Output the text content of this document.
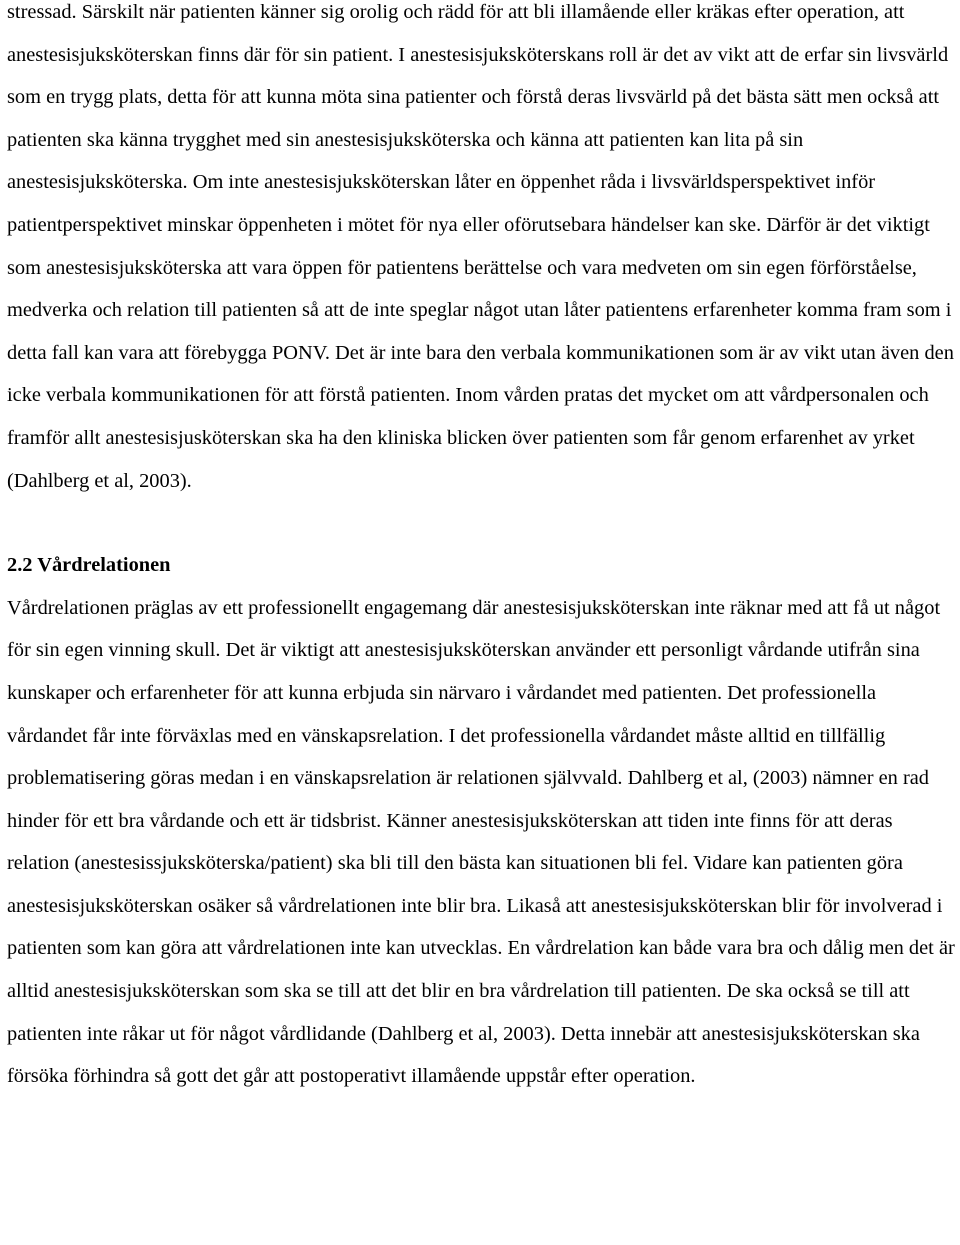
stressad. Särskilt när patienten känner sig orolig och rädd för att bli illamående eller kräkas efter operation, att anestesisjuksköterskan finns där för sin patient. I anestesisjuksköterskans roll är det av vikt att de erfar sin livsvärld som en trygg plats, detta för att kunna möta sina patienter och förstå deras livsvärld på det bästa sätt men också att patienten ska känna trygghet med sin anestesisjuksköterska och känna att patienten kan lita på sin anestesisjuksköterska. Om inte anestesisjuksköterskan låter en öppenhet råda i livsvärldsperspektivet inför patientperspektivet minskar öppenheten i mötet för nya eller oförutsebara händelser kan ske. Därför är det viktigt som anestesisjuksköterska att vara öppen för patientens berättelse och vara medveten om sin egen förförståelse, medverka och relation till patienten så att de inte speglar något utan låter patientens erfarenheter komma fram som i detta fall kan vara att förebygga PONV. Det är inte bara den verbala kommunikationen som är av vikt utan även den icke verbala kommunikationen för att förstå patienten. Inom vården pratas det mycket om att vårdpersonalen och framför allt anestesisjusköterskan ska ha den kliniska blicken över patienten som får genom erfarenhet av yrket (Dahlberg et al, 2003).

2.2 Vårdrelationen

Vårdrelationen präglas av ett professionellt engagemang där anestesisjuksköterskan inte räknar med att få ut något för sin egen vinning skull. Det är viktigt att anestesisjuksköterskan använder ett personligt vårdande utifrån sina kunskaper och erfarenheter för att kunna erbjuda sin närvaro i vårdandet med patienten. Det professionella vårdandet får inte förväxlas med en vänskapsrelation. I det professionella vårdandet måste alltid en tillfällig problematisering göras medan i en vänskapsrelation är relationen självvald. Dahlberg et al, (2003) nämner en rad hinder för ett bra vårdande och ett är tidsbrist. Känner anestesisjuksköterskan att tiden inte finns för att deras relation (anestesissjuksköterska/patient) ska bli till den bästa kan situationen bli fel. Vidare kan patienten göra anestesisjuksköterskan osäker så vårdrelationen inte blir bra. Likaså att anestesisjuksköterskan blir för involverad i patienten som kan göra att vårdrelationen inte kan utvecklas. En vårdrelation kan både vara bra och dålig men det är alltid anestesisjuksköterskan som ska se till att det blir en bra vårdrelation till patienten. De ska också se till att patienten inte råkar ut för något vårdlidande (Dahlberg et al, 2003). Detta innebär att anestesisjuksköterskan ska försöka förhindra så gott det går att postoperativt illamående uppstår efter operation.
